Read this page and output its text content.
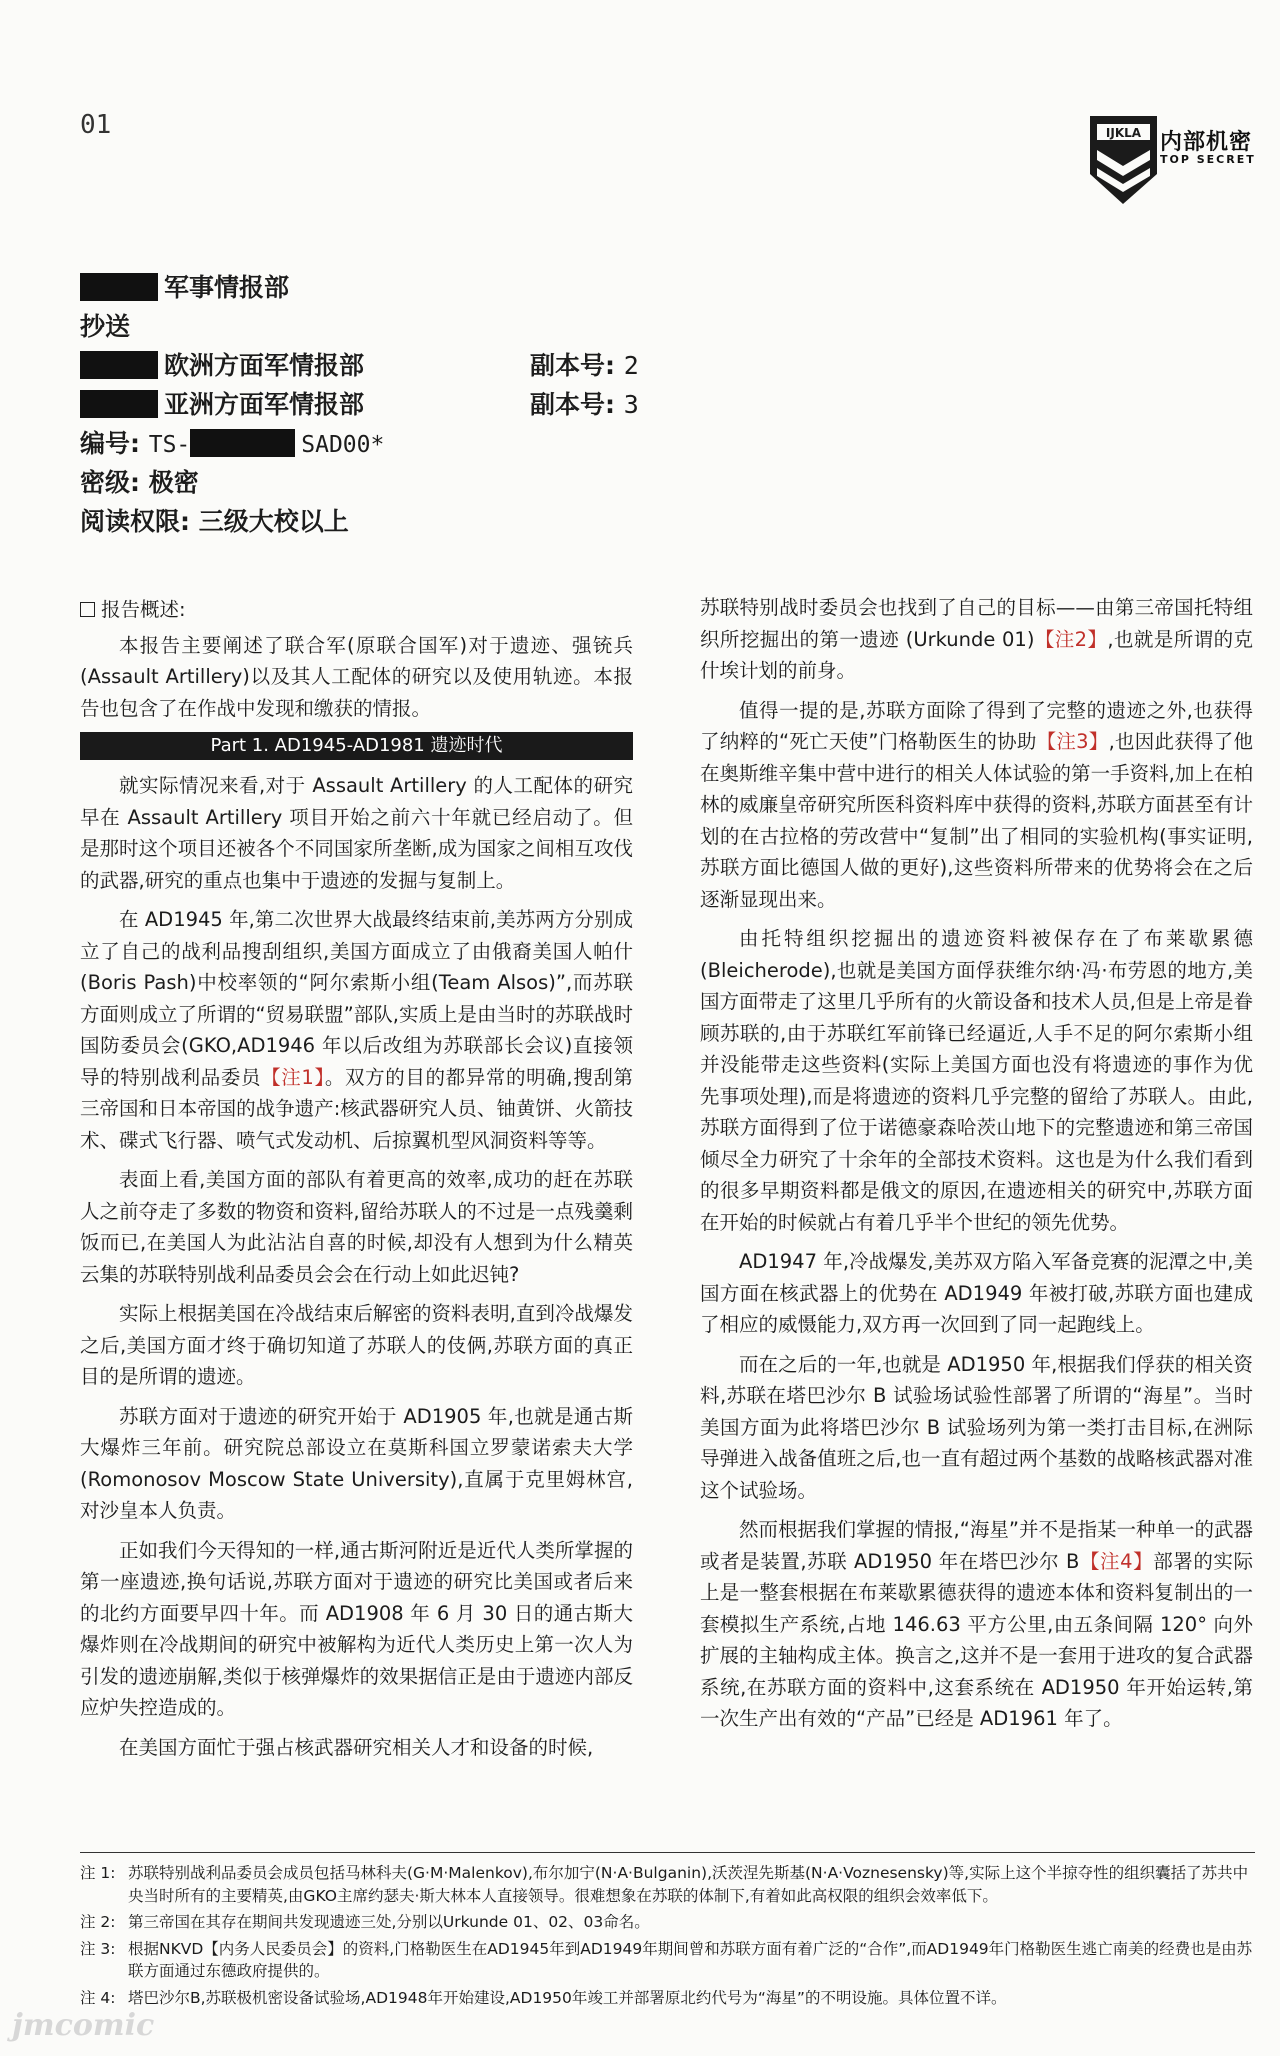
01	IJKLA 内部机密
TOP SECRET
军事情报部
抄送
欧洲方面军情报部	副本号: 2
亚洲方面军情报部	副本号: 3
编号: TS-	SAD00*
密级: 极密
阅读权限: 三级大校以上
报告概述:

本报告主要阐述了联合军(原联合国军)对于遗迹、强铳兵(Assault Artillery)以及其人工配体的研究以及使用轨迹。本报告也包含了在作战中发现和缴获的情报。

Part 1. AD1945-AD1981 遗迹时代

就实际情况来看,对于 Assault Artillery 的人工配体的研究早在 Assault Artillery 项目开始之前六十年就已经启动了。但是那时这个项目还被各个不同国家所垄断,成为国家之间相互攻伐的武器,研究的重点也集中于遗迹的发掘与复制上。

在 AD1945 年,第二次世界大战最终结束前,美苏两方分别成立了自己的战利品搜刮组织,美国方面成立了由俄裔美国人帕什(Boris Pash)中校率领的“阿尔索斯小组(Team Alsos)”,而苏联方面则成立了所谓的“贸易联盟”部队,实质上是由当时的苏联战时国防委员会(GKO,AD1946 年以后改组为苏联部长会议)直接领导的特别战利品委员【注1】。双方的目的都异常的明确,搜刮第三帝国和日本帝国的战争遗产:核武器研究人员、铀黄饼、火箭技术、碟式飞行器、喷气式发动机、后掠翼机型风洞资料等等。

表面上看,美国方面的部队有着更高的效率,成功的赶在苏联人之前夺走了多数的物资和资料,留给苏联人的不过是一点残羹剩饭而已,在美国人为此沾沾自喜的时候,却没有人想到为什么精英云集的苏联特别战利品委员会会在行动上如此迟钝?

实际上根据美国在冷战结束后解密的资料表明,直到冷战爆发之后,美国方面才终于确切知道了苏联人的伎俩,苏联方面的真正目的是所谓的遗迹。

苏联方面对于遗迹的研究开始于 AD1905 年,也就是通古斯大爆炸三年前。研究院总部设立在莫斯科国立罗蒙诺索夫大学(Romonosov Moscow State University),直属于克里姆林宫,对沙皇本人负责。

正如我们今天得知的一样,通古斯河附近是近代人类所掌握的第一座遗迹,换句话说,苏联方面对于遗迹的研究比美国或者后来的北约方面要早四十年。而 AD1908 年 6 月 30 日的通古斯大爆炸则在冷战期间的研究中被解构为近代人类历史上第一次人为引发的遗迹崩解,类似于核弹爆炸的效果据信正是由于遗迹内部反应炉失控造成的。

在美国方面忙于强占核武器研究相关人才和设备的时候,

苏联特别战时委员会也找到了自己的目标——由第三帝国托特组织所挖掘出的第一遗迹 (Urkunde 01)【注2】,也就是所谓的克什埃计划的前身。

值得一提的是,苏联方面除了得到了完整的遗迹之外,也获得了纳粹的“死亡天使”门格勒医生的协助【注3】,也因此获得了他在奥斯维辛集中营中进行的相关人体试验的第一手资料,加上在柏林的威廉皇帝研究所医科资料库中获得的资料,苏联方面甚至有计划的在古拉格的劳改营中“复制”出了相同的实验机构(事实证明,苏联方面比德国人做的更好),这些资料所带来的优势将会在之后逐渐显现出来。

由托特组织挖掘出的遗迹资料被保存在了布莱歇累德(Bleicherode),也就是美国方面俘获维尔纳·冯·布劳恩的地方,美国方面带走了这里几乎所有的火箭设备和技术人员,但是上帝是眷顾苏联的,由于苏联红军前锋已经逼近,人手不足的阿尔索斯小组并没能带走这些资料(实际上美国方面也没有将遗迹的事作为优先事项处理),而是将遗迹的资料几乎完整的留给了苏联人。由此,苏联方面得到了位于诺德豪森哈茨山地下的完整遗迹和第三帝国倾尽全力研究了十余年的全部技术资料。这也是为什么我们看到的很多早期资料都是俄文的原因,在遗迹相关的研究中,苏联方面在开始的时候就占有着几乎半个世纪的领先优势。

AD1947 年,冷战爆发,美苏双方陷入军备竞赛的泥潭之中,美国方面在核武器上的优势在 AD1949 年被打破,苏联方面也建成了相应的威慑能力,双方再一次回到了同一起跑线上。

而在之后的一年,也就是 AD1950 年,根据我们俘获的相关资料,苏联在塔巴沙尔 B 试验场试验性部署了所谓的“海星”。当时美国方面为此将塔巴沙尔 B 试验场列为第一类打击目标,在洲际导弹进入战备值班之后,也一直有超过两个基数的战略核武器对准这个试验场。

然而根据我们掌握的情报,“海星”并不是指某一种单一的武器或者是装置,苏联 AD1950 年在塔巴沙尔 B【注4】部署的实际上是一整套根据在布莱歇累德获得的遗迹本体和资料复制出的一套模拟生产系统,占地 146.63 平方公里,由五条间隔 120° 向外扩展的主轴构成主体。换言之,这并不是一套用于进攻的复合武器系统,在苏联方面的资料中,这套系统在 AD1950 年开始运转,第一次生产出有效的“产品”已经是 AD1961 年了。

注 1: 苏联特别战利品委员会成员包括马林科夫(G·M·Malenkov),布尔加宁(N·A·Bulganin),沃茨涅先斯基(N·A·Voznesensky)等,实际上这个半掠夺性的组织囊括了苏共中央当时所有的主要精英,由GKO主席约瑟夫·斯大林本人直接领导。很难想象在苏联的体制下,有着如此高权限的组织会效率低下。
注 2: 第三帝国在其存在期间共发现遗迹三处,分别以Urkunde 01、02、03命名。
注 3: 根据NKVD【内务人民委员会】的资料,门格勒医生在AD1945年到AD1949年期间曾和苏联方面有着广泛的“合作”,而AD1949年门格勒医生逃亡南美的经费也是由苏联方面通过东德政府提供的。
注 4: 塔巴沙尔B,苏联极机密设备试验场,AD1948年开始建设,AD1950年竣工并部署原北约代号为“海星”的不明设施。具体位置不详。
jmcomic
